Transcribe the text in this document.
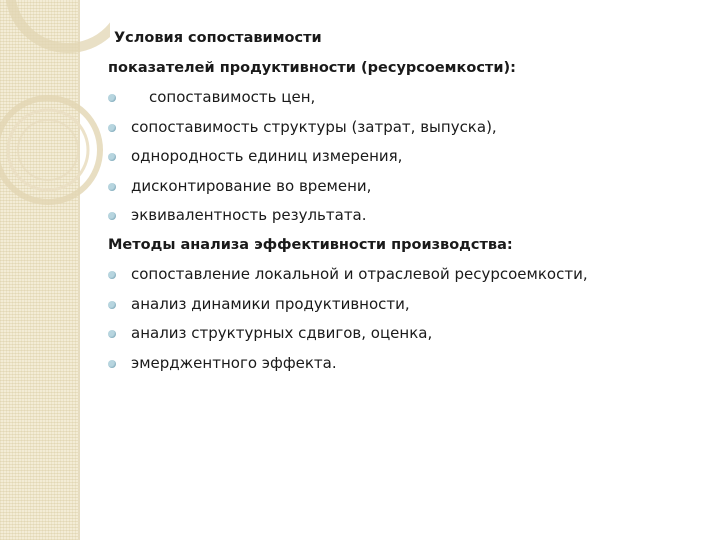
Условия сопоставимости
показателей продуктивности (ресурсоемкости):
сопоставимость цен,
сопоставимость структуры (затрат, выпуска),
однородность единиц измерения,
дисконтирование во времени,
эквивалентность результата.
Методы анализа эффективности производства:
сопоставление локальной и отраслевой ресурсоемкости,
анализ динамики продуктивности,
анализ структурных сдвигов, оценка,
эмерджентного эффекта.
